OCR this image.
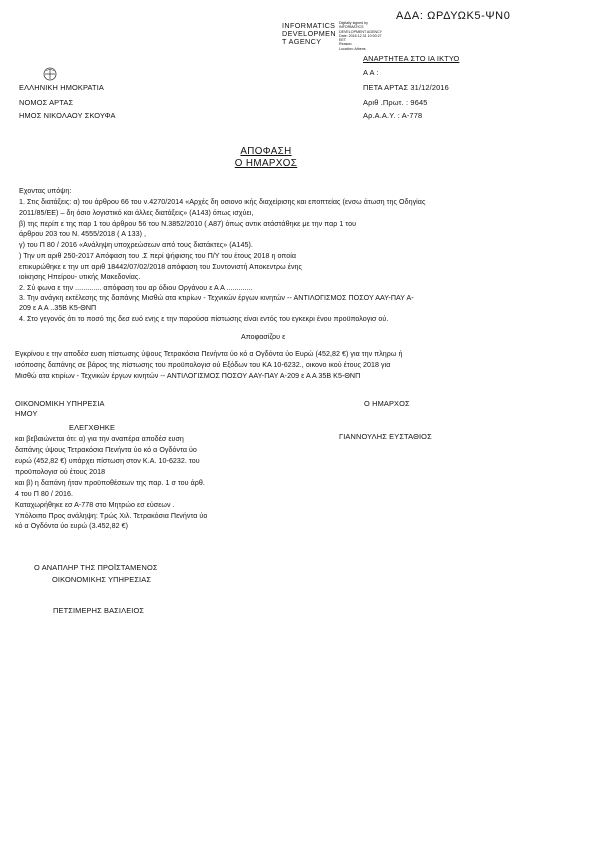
ΑΔΑ: ΩΡΔΥΩΚ5-ΨΝ0
INFORMATICS
DEVELOPMEN
T AGENCY
Digitally signed by
INFORMATICS
DEVELOPMENT AGENCY
Date: 2016.12.31 10:00:27
EET
Reason:
Location: Athens
ΑΝΑΡΤΗΤΕΑ ΣΤΟ ΙΑ ΙΚΤΥΟ
Α Α :
ΕΛΛΗΝΙΚΗ ΗΜΟΚΡΑΤΙΑ
ΝΟΜΟΣ ΑΡΤΑΣ
ΗΜΟΣ ΝΙΚΟΛΑΟΥ ΣΚΟΥΦΑ
ΠΕΤΑ ΑΡΤΑΣ 31/12/2016
Αριθ .Πρωτ. : 9645
Αρ.Α.Α.Υ. : Α-778
ΑΠΟΦΑΣΗ
Ο ΗΜΑΡΧΟΣ
Εχοντας υπόψη:
1. Στις διατάξεις: α) του άρθρου 66 του ν.4270/2014 «Αρχές δη οσιονο ικής διαχείρισης και εποπτείας (ενσω άτωση της Οδηγίας
2011/85/ΕΕ) – δη όσιο λογιστικό και άλλες διατάξεις» (Α143) όπως ισχύει,
β) της περίπ ε της παρ 1 του άρθρου 56 του Ν.3852/2010 ( Α87) όπως αντικ ατάστάθηκε με την παρ 1 του
άρθρου 203 του Ν. 4555/2018 ( Α 133) ,
γ) του Π 80 / 2016 «Ανάληψη υποχρεώσεων από τους διατάκτες» (Α145).
) Την υπ αριθ 250-2017 Απόφαση του .Σ περί ψήφισης του Π/Υ του έτους 2018 η οποία
επικυρώθηκε ε την υπ αριθ 18442/07/02/2018 απόφαση του Συντονιστή Αποκεντρω ένης
ιοίκησης Ηπείρου- υτικής Μακεδονίας.
2. Σύ φωνα ε την ............. απόφαση του αρ όδιου Οργάνου ε Α Α .............
3. Την ανάγκη εκτέλεσης της δαπάνης Μισθώ ατα κτιρίων - Τεχνικών έργων κινητών -- ΑΝΤΙΛΟΓΙΣΜΟΣ ΠΟΣΟΥ ΑΑΥ-ΠΑΥ Α-
209 ε Α Α ..35Β Κ5-ΘΝΠ
4. Στο γεγονός ότι το ποσό της δεσ ευό ενης ε την παρούσα πίστωσης είναι εντός του εγκεκρι ένου προϋπολογισ ού.
Αποφασίζου ε
Εγκρίνου ε την αποδέσ ευση πίστωσης ύψους Τετρακόσια Πενήντα ύο κό α Ογδόντα ύο Ευρώ (452,82 €) για την πληρω ή
ισόποσης δαπάνης σε βάρος της πίστωσης του προϋπολογισ ού Εξόδων του ΚΑ 10-6232., οικονο ικού έτους 2018 για
Μισθώ ατα κτιρίων - Τεχνικών έργων κινητών -- ΑΝΤΙΛΟΓΙΣΜΟΣ ΠΟΣΟΥ ΑΑΥ-ΠΑΥ Α-209 ε Α Α 35Β Κ5-ΘΝΠ
ΟΙΚΟΝΟΜΙΚΗ ΥΠΗΡΕΣΙΑ
ΗΜΟΥ
ΕΛΕΓΧΘΗΚΕ
και βεβαιώνεται ότι: α) για την αναπέρα αποδέσ ευση
δαπάνης ύψους Τετρακόσια Πενήντα ύο κό α Ογδόντα ύο
ευρώ (452,82 €) υπάρχει πίστωση στον Κ.Α. 10-6232. του
προϋπολογισ ού έτους 2018
και β) η δαπάνη ήταν προϋποθέσεων της παρ. 1 σ του άρθ.
4 του Π 80 / 2016.
Καταχωρήθηκε εσ Α-778 στο Μητρώο εσ εύσεων .
Υπόλοιπο Προς ανάληψη: Τρώς Χιλ. Τετρακόσια Πενήντα ύο
κό α Ογδόντα ύο ευρώ (3.452,82 €)
Ο ΗΜΑΡΧΟΣ
ΓΙΑΝΝΟΥΛΗΣ ΕΥΣΤΑΘΙΟΣ
Ο ΑΝΑΠΛΗΡ ΤΗΣ ΠΡΟΪΣΤΑΜΕΝΟΣ
ΟΙΚΟΝΟΜΙΚΗΣ ΥΠΗΡΕΣΙΑΣ
ΠΕΤΣΙΜΕΡΗΣ ΒΑΣΙΛΕΙΟΣ
